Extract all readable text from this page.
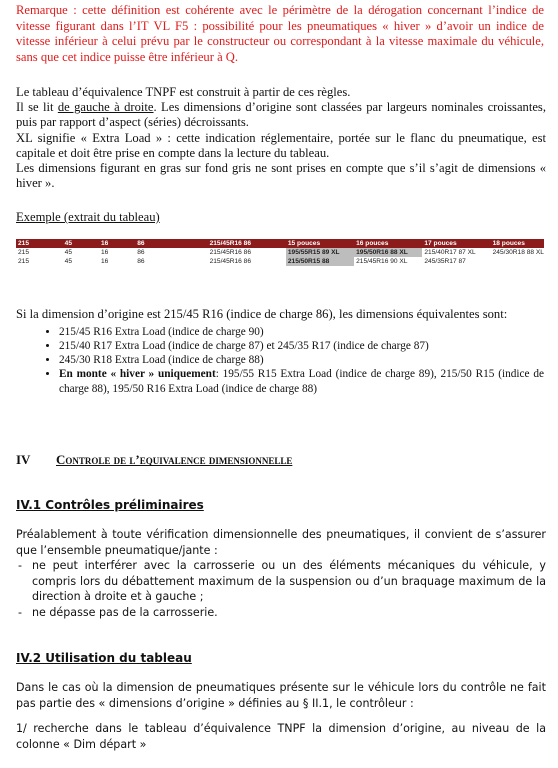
Remarque : cette définition est cohérente avec le périmètre de la dérogation concernant l’indice de vitesse figurant dans l’IT VL F5 : possibilité pour les pneumatiques « hiver » d’avoir un indice de vitesse inférieur à celui prévu par le constructeur ou correspondant à la vitesse maximale du véhicule, sans que cet indice puisse être inférieur à Q.

Le tableau d’équivalence TNPF est construit à partir de ces règles.

Il se lit de gauche à droite. Les dimensions d’origine sont classées par largeurs nominales croissantes, puis par rapport d’aspect (séries) décroissants.

XL signifie « Extra Load » : cette indication réglementaire, portée sur le flanc du pneumatique, est capitale et doit être prise en compte dans la lecture du tableau.

Les dimensions figurant en gras sur fond gris ne sont prises en compte que s’il s’agit de dimensions « hiver ».

Exemple (extrait du tableau)
215	45	16	86	215/45R16 86	15 pouces	16 pouces	17 pouces	18 pouces
215	45	16	86	215/45R16 86	195/55R15 89 XL	195/50R16 88 XL	215/40R17 87 XL	245/30R18 88 XL
215	45	16	86	215/45R16 86	215/50R15 88	215/45R16 90 XL	245/35R17 87	

Si la dimension d’origine est 215/45 R16 (indice de charge 86), les dimensions équivalentes sont:

• 215/45 R16 Extra Load (indice de charge 90)
• 215/40 R17 Extra Load (indice de charge 87) et 245/35 R17 (indice de charge 87)
• 245/30 R18 Extra Load (indice de charge 88)
• En monte « hiver » uniquement: 195/55 R15 Extra Load (indice de charge 89), 215/50 R15 (indice de charge 88), 195/50 R16 Extra Load (indice de charge 88)
IV Controle de l’equivalence dimensionnelle
IV.1 Contrôles préliminaires

Préalablement à toute vérification dimensionnelle des pneumatiques, il convient de s’assurer que l’ensemble pneumatique/jante :

- ne peut interférer avec la carrosserie ou un des éléments mécaniques du véhicule, y compris lors du débattement maximum de la suspension ou d’un braquage maximum de la direction à droite et à gauche ;
- ne dépasse pas de la carrosserie.
IV.2 Utilisation du tableau

Dans le cas où la dimension de pneumatiques présente sur le véhicule lors du contrôle ne fait pas partie des « dimensions d’origine » définies au § II.1, le contrôleur :

1/ recherche dans le tableau d’équivalence TNPF la dimension d’origine, au niveau de la colonne « Dim départ »
